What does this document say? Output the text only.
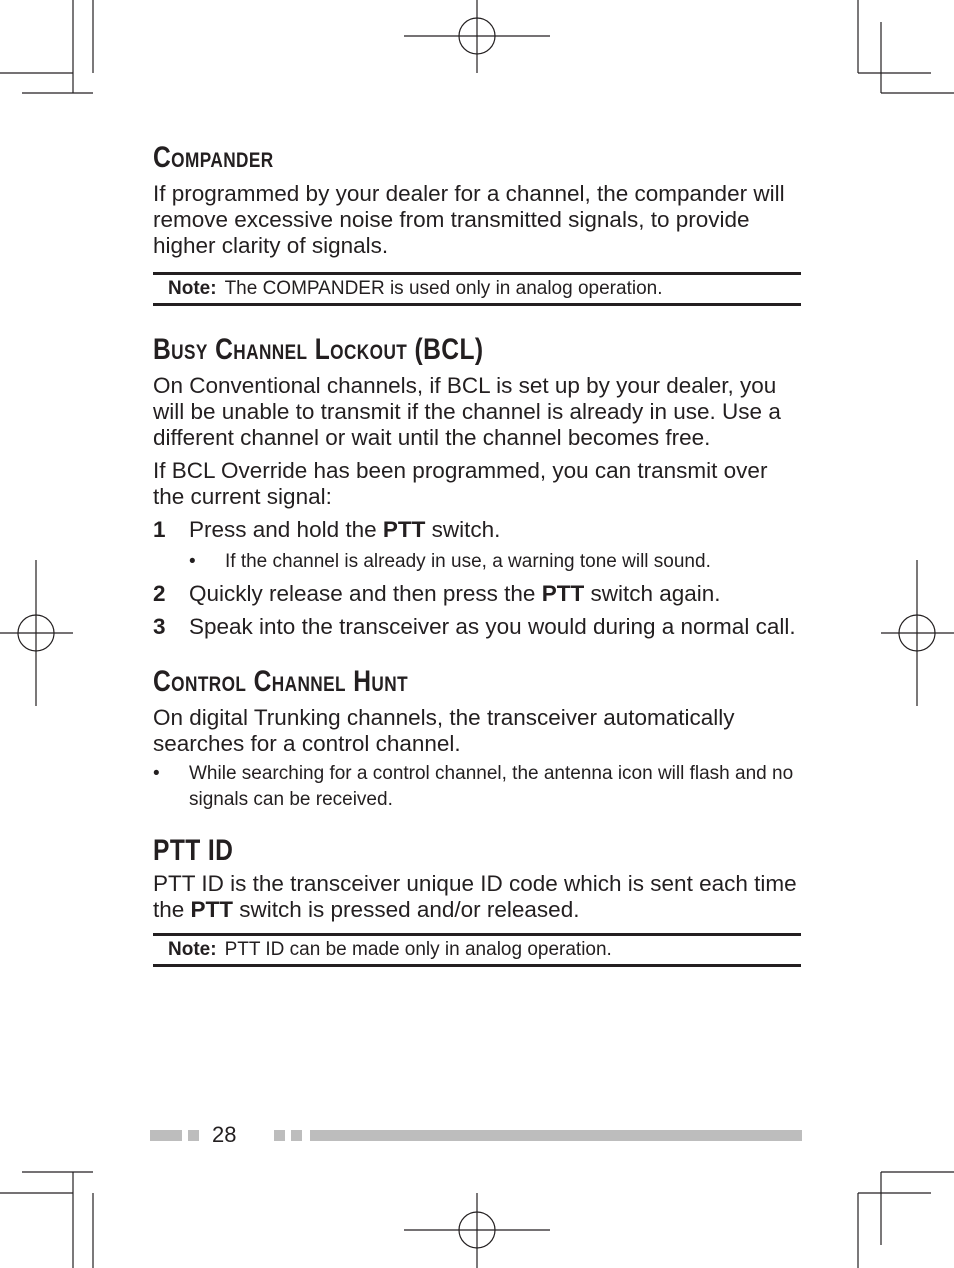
COMPANDER

If programmed by your dealer for a channel, the compander will remove excessive noise from transmitted signals, to provide higher clarity of signals.

Note: The COMPANDER is used only in analog operation.
BUSY CHANNEL LOCKOUT (BCL)

On Conventional channels, if BCL is set up by your dealer, you will be unable to transmit if the channel is already in use. Use a different channel or wait until the channel becomes free.

If BCL Override has been programmed, you can transmit over the current signal:

1	Press and hold the PTT switch.
•	If the channel is already in use, a warning tone will sound.
2	Quickly release and then press the PTT switch again.
3	Speak into the transceiver as you would during a normal call.
CONTROL CHANNEL HUNT

On digital Trunking channels, the transceiver automatically searches for a control channel.

•	While searching for a control channel, the antenna icon will flash and no signals can be received.
PTT ID

PTT ID is the transceiver unique ID code which is sent each time the PTT switch is pressed and/or released.

Note: PTT ID can be made only in analog operation.
28
